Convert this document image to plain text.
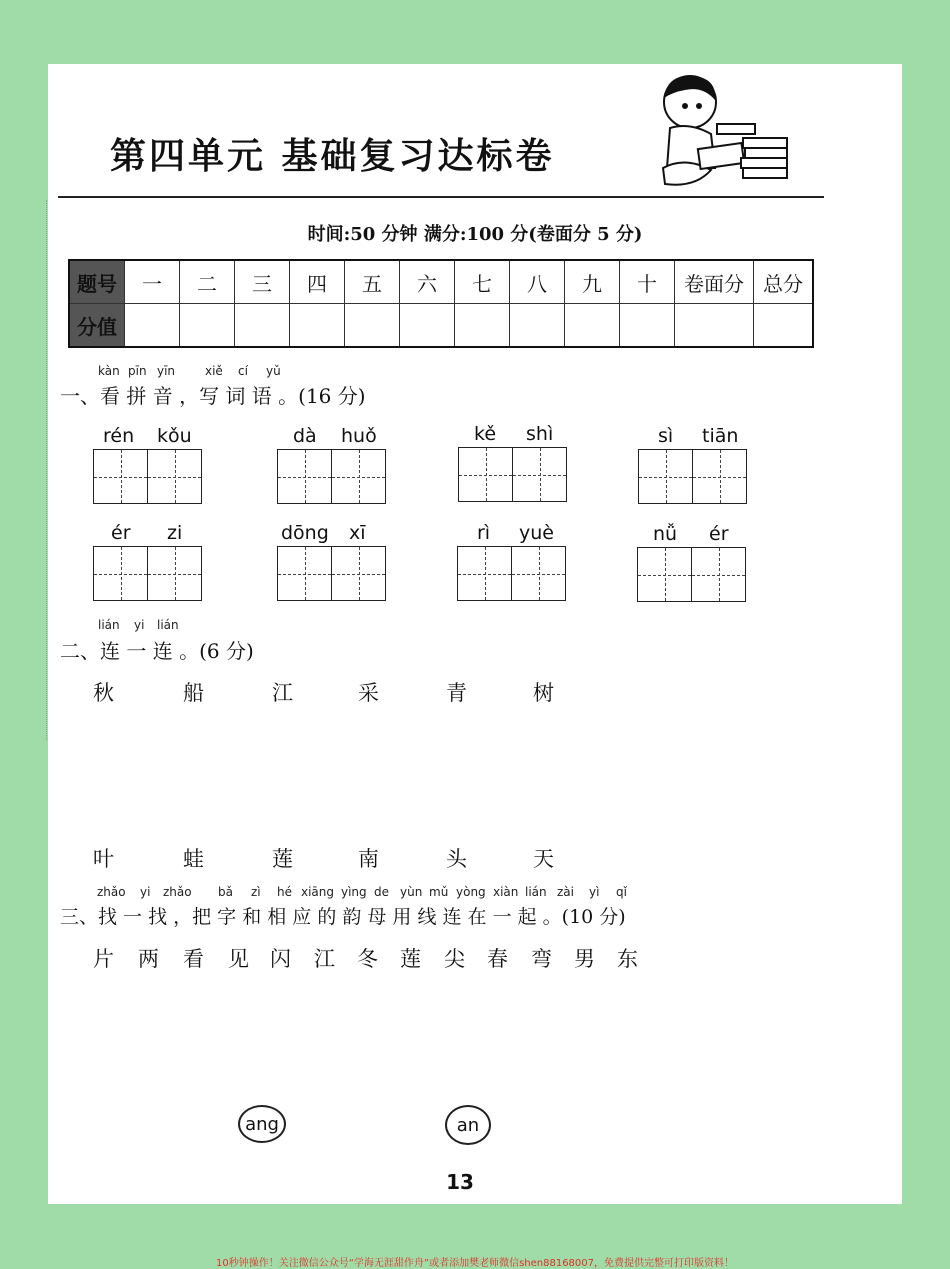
第四单元 基础复习达标卷
时间:50 分钟 满分:100 分(卷面分 5 分)
题号	一	二	三	四	五	六	七	八	九	十	卷面分	总分
分值												
kàn pīn yīn xiě cí yǔ
一、看 拼 音 ，写 词 语 。(16 分)
rén kǒu	dà huǒ	kě shì	sì tiān
ér zi	dōng xī	rì yuè	nǚ ér
lián yi lián
二、连 一 连 。(6 分)
秋	船	江	采	青	树
叶	蛙	莲	南	头	天
zhǎo yi zhǎo bǎ zì hé xiāng yìng de yùn mǔ yòng xiàn lián zài yì qǐ
三、找 一 找 ，把 字 和 相 应 的 韵 母 用 线 连 在 一 起 。(10 分)
片 两 看 见 闪 江 冬 莲 尖 春 弯 男 东
ang	an
13
10秒钟操作！关注微信公众号“学海无涯甜作舟”或者添加樊老师微信shen88168007，免费提供完整可打印版资料！
